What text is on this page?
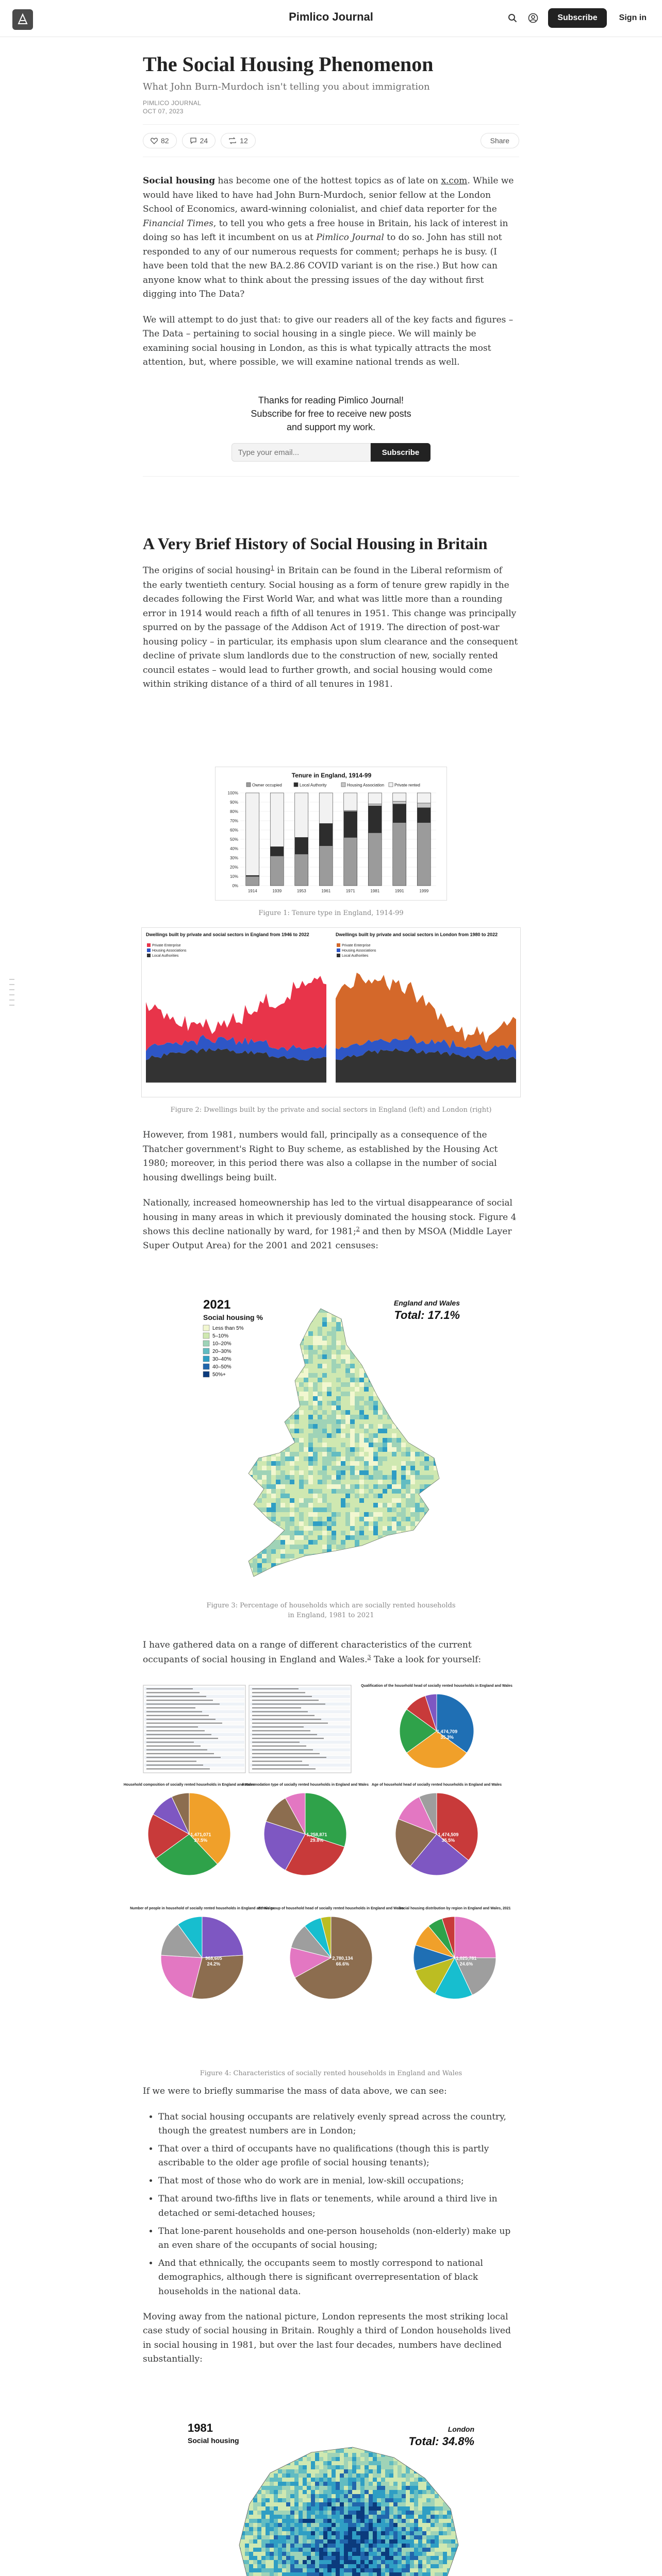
Pimlico Journal	Subscribe	Sign in
The Social Housing Phenomenon
What John Burn-Murdoch isn't telling you about immigration
PIMLICO JOURNAL
OCT 07, 2023
82	24	12	Share

Social housing has become one of the hottest topics as of late on x.com. While we would have liked to have had John Burn-Murdoch, senior fellow at the London School of Economics, award-winning colonialist, and chief data reporter for the Financial Times, to tell you who gets a free house in Britain, his lack of interest in doing so has left it incumbent on us at Pimlico Journal to do so. John has still not responded to any of our numerous requests for comment; perhaps he is busy. (I have been told that the new BA.2.86 COVID variant is on the rise.) But how can anyone know what to think about the pressing issues of the day without first digging into The Data?

We will attempt to do just that: to give our readers all of the key facts and figures – The Data – pertaining to social housing in a single piece. We will mainly be examining social housing in London, as this is what typically attracts the most attention, but, where possible, we will examine national trends as well.

Thanks for reading Pimlico Journal!
Subscribe for free to receive new posts
and support my work.
Type your email...
Subscribe
A Very Brief History of Social Housing in Britain

The origins of social housing$^1$ in Britain can be found in the Liberal reformism of the early twentieth century. Social housing as a form of tenure grew rapidly in the decades following the First World War, and what was little more than a rounding error in 1914 would reach a fifth of all tenures in 1951. This change was principally spurred on by the passage of the Addison Act of 1919. The direction of post-war housing policy – in particular, its emphasis upon slum clearance and the consequent decline of private slum landlords due to the construction of new, socially rented council estates – would lead to further growth, and social housing would come within striking distance of a third of all tenures in 1981.

Tenure in England, 1914-99
Owner occupied	Local Authority	Housing Association Private rented
100%
90%
80%
70%
60%
50%
40%
30%
20%
10%
0%
1914	1939	1953	1961	1971	1981	1991	1999
Figure 1: Tenure type in England, 1914-99
Dwellings built by private and social sectors in England from 1946 to 2022
Private Enterprise
Housing Associations
Local Authorities
Dwellings built by private and social sectors in London from 1980 to 2022
Private Enterprise
Housing Associations
Local Authorities
Figure 2: Dwellings built by the private and social sectors in England (left) and London (right)

However, from 1981, numbers would fall, principally as a consequence of the Thatcher government's Right to Buy scheme, as established by the Housing Act 1980; moreover, in this period there was also a collapse in the number of social housing dwellings being built.

Nationally, increased homeownership has led to the virtual disappearance of social housing in many areas in which it previously dominated the housing stock. Figure 4 shows this decline nationally by ward, for 1981;$^2$ and then by MSOA (Middle Layer Super Output Area) for the 2001 and 2021 censuses:

2021
Social housing %
England and Wales
Total: 17.1%
Less than 5%
5–10%
10–20%
20–30%
30–40%
40–50%
50%+
Figure 3: Percentage of households which are socially rented households
in England, 1981 to 2021

I have gathered data on a range of different characteristics of the current occupants of social housing in England and Wales.$^3$ Take a look for yourself:

Qualification of the household head of socially rented households in England and Wales
1,474,709
35.3%
Household composition of socially rented households in England and Wales
1,471,071
37.5%
Accommodation type of socially rented households in England and Wales
1,258,871
29.8%
Age of household head of socially rented households in England and Wales
1,474,509
35.5%
Number of people in household of socially rented households in England and Wales
968,605
24.2%
Ethnic group of household head of socially rented households in England and Wales
2,780,134
66.6%
Social housing distribution by region in England and Wales, 2021
1,025,781
24.6%
Figure 4: Characteristics of socially rented households in England and Wales

If we were to briefly summarise the mass of data above, we can see:

• That social housing occupants are relatively evenly spread across the country, though the greatest numbers are in London;
• That over a third of occupants have no qualifications (though this is partly ascribable to the older age profile of social housing tenants);
• That most of those who do work are in menial, low-skill occupations;
• That around two-fifths live in flats or tenements, while around a third live in detached or semi-detached houses;
• That lone-parent households and one-person households (non-elderly) make up an even share of the occupants of social housing;
• And that ethnically, the occupants seem to mostly correspond to national demographics, although there is significant overrepresentation of black households in the national data.

Moving away from the national picture, London represents the most striking local case study of social housing in Britain. Roughly a third of London households lived in social housing in 1981, but over the last four decades, numbers have declined substantially:

1981
Social housing
London
Total: 34.8%
